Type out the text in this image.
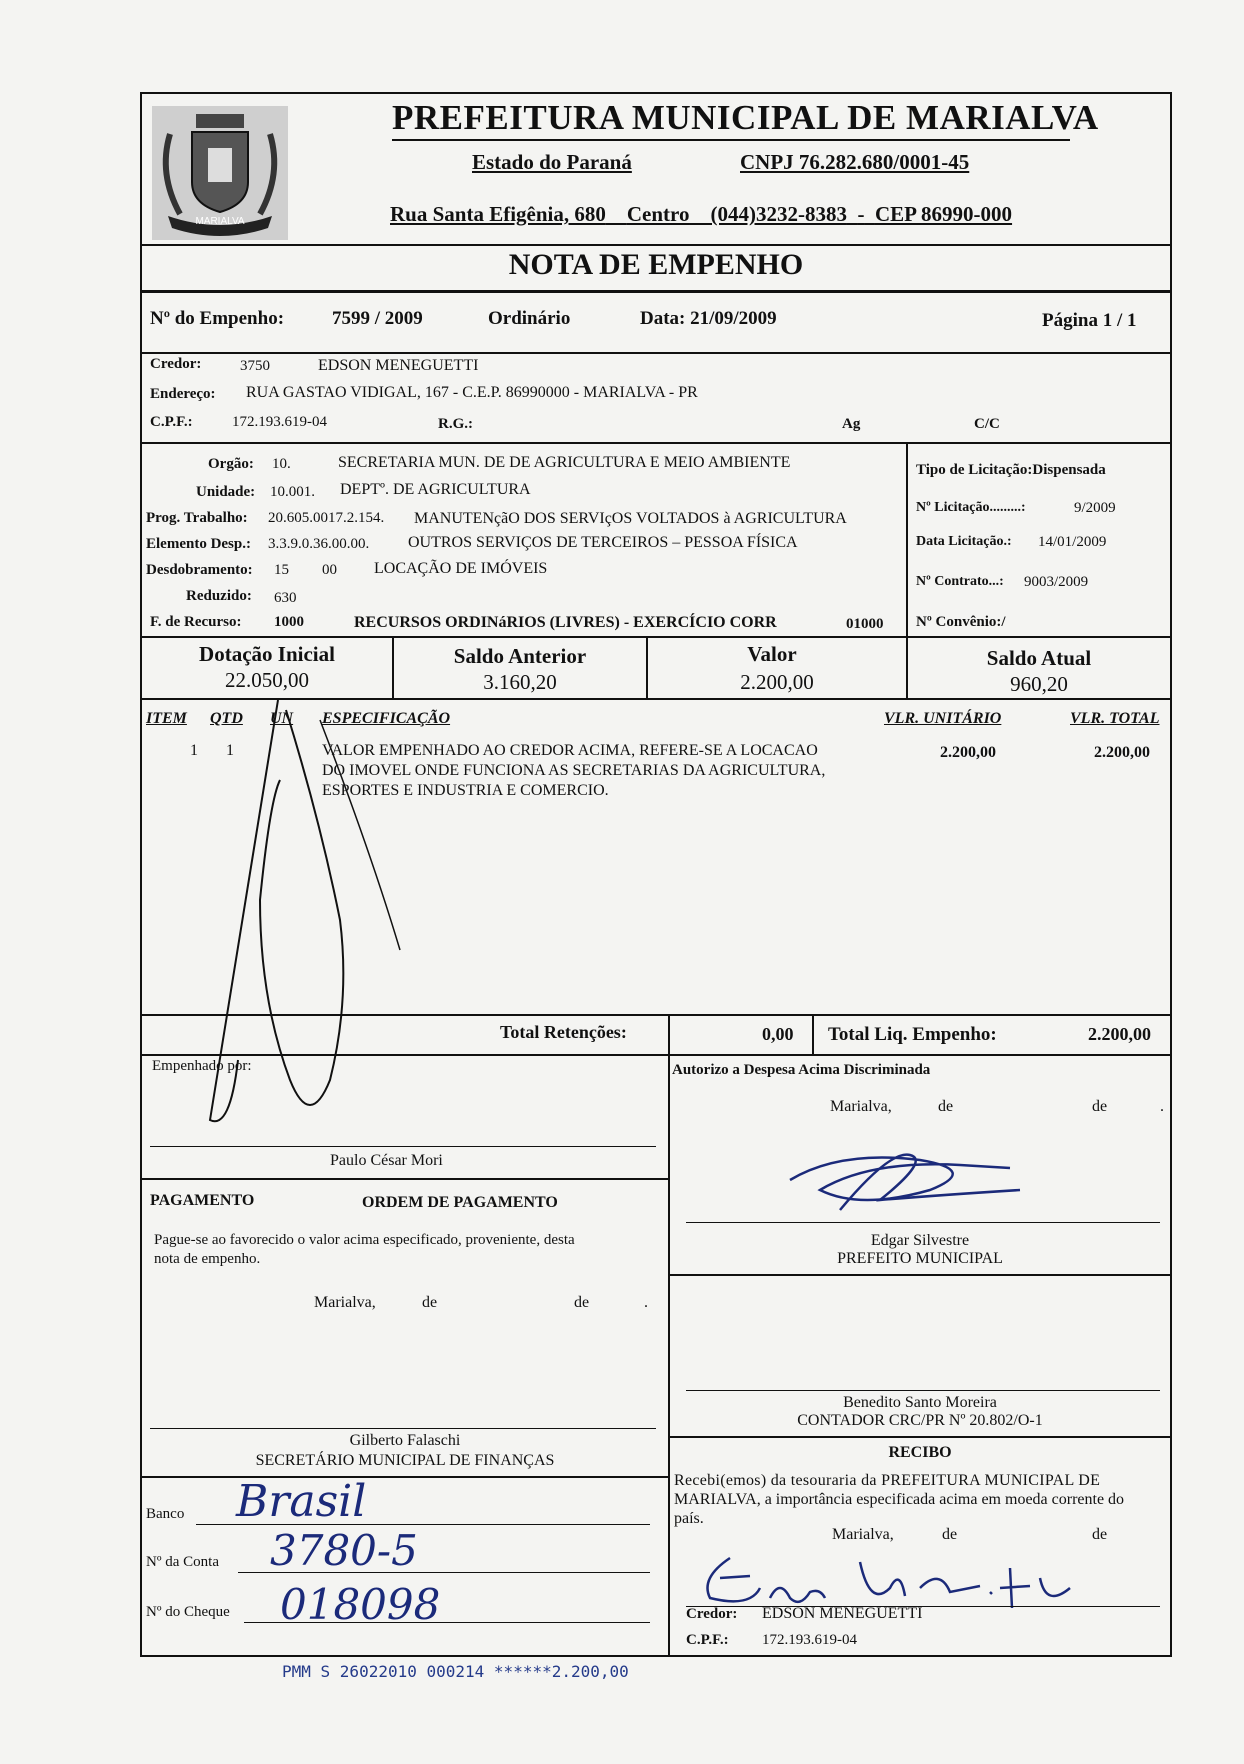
MARIALVA
PREFEITURA MUNICIPAL DE MARIALVA
Estado do Paraná	CNPJ 76.282.680/0001-45
Rua Santa Efigênia, 680 Centro (044)3232-8383 - CEP 86990-000
NOTA DE EMPENHO
Nº do Empenho:	7599 / 2009	Ordinário	Data: 21/09/2009	Página 1 / 1
Credor:	3750	EDSON MENEGUETTI
Endereço: RUA GASTAO VIDIGAL, 167 - C.E.P. 86990000 - MARIALVA - PR
C.P.F.:	172.193.619-04	R.G.:	Ag	C/C
Orgão: 10.	SECRETARIA MUN. DE DE AGRICULTURA E MEIO AMBIENTE
Unidade: 10.001. DEPTº. DE AGRICULTURA
Prog. Trabalho: 20.605.0017.2.154. MANUTENçãO DOS SERVIçOS VOLTADOS à AGRICULTURA
Elemento Desp.: 3.3.9.0.36.00.00. OUTROS SERVIÇOS DE TERCEIROS – PESSOA FÍSICA
Desdobramento: 15 00 LOCAÇÃO DE IMÓVEIS
Reduzido: 630
F. de Recurso: 1000	RECURSOS ORDINáRIOS (LIVRES) - EXERCÍCIO CORR	01000
Tipo de Licitação:Dispensada
Nº Licitação.........:	9/2009
Data Licitação.: 14/01/2009
Nº Contrato...: 9003/2009
Nº Convênio:/
Dotação Inicial
22.050,00
Saldo Anterior
3.160,20
Valor
2.200,00
Saldo Atual
960,20
ITEM QTD UN ESPECIFICAÇÃO	VLR. UNITÁRIO	VLR. TOTAL
1 1	VALOR EMPENHADO AO CREDOR ACIMA, REFERE-SE A LOCACAO
DO IMOVEL ONDE FUNCIONA AS SECRETARIAS DA AGRICULTURA,
ESPORTES E INDUSTRIA E COMERCIO.
2.200,00	2.200,00
Total Retenções:	0,00 Total Liq. Empenho:	2.200,00
Empenhado por:
Paulo César Mori
Autorizo a Despesa Acima Discriminada
Marialva,	de	de	.
Edgar Silvestre
PREFEITO MUNICIPAL
PAGAMENTO	ORDEM DE PAGAMENTO
Pague-se ao favorecido o valor acima especificado, proveniente, desta
nota de empenho.
Marialva,	de	de	.
Gilberto Falaschi
SECRETÁRIO MUNICIPAL DE FINANÇAS
Benedito Santo Moreira
CONTADOR CRC/PR Nº 20.802/O-1
Banco Brasil
Nº da Conta 3780-5
Nº do Cheque 018098
RECIBO
Recebi(emos) da tesouraria da PREFEITURA MUNICIPAL DE
MARIALVA, a importância especificada acima em moeda corrente do
país.
Marialva,	de	de
Credor: EDSON MENEGUETTI
C.P.F.: 172.193.619-04
PMM S 26022010 000214 ******2.200,00
